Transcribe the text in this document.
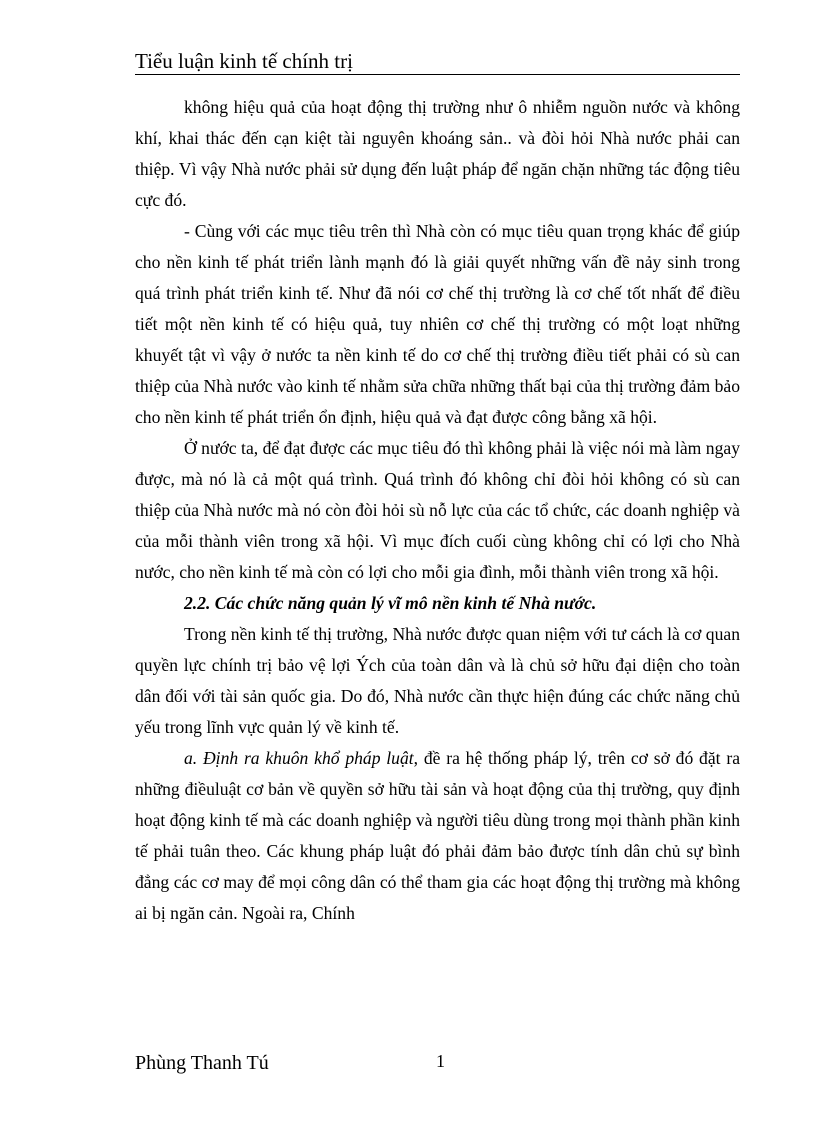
Tiểu luận kinh tế chính trị

không hiệu quả của hoạt động thị trường như ô nhiễm nguồn nước và không khí, khai thác đến cạn kiệt tài nguyên khoáng sản.. và đòi hỏi Nhà nước phải can thiệp. Vì vậy Nhà nước phải sử dụng đến luật pháp để ngăn chặn những tác động tiêu cực đó.

- Cùng với các mục tiêu trên thì Nhà còn có mục tiêu quan trọng khác để giúp cho nền kinh tế phát triển lành mạnh đó là giải quyết những vấn đề nảy sinh trong quá trình phát triển kinh tế. Như đã nói cơ chế thị trường là cơ chế tốt nhất để điều tiết một nền kinh tế có hiệu quả, tuy nhiên cơ chế thị trường có một loạt những khuyết tật vì vậy ở nước ta nền kinh tế do cơ chế thị trường điều tiết phải có sù can thiệp của Nhà nước vào kinh tế nhằm sửa chữa những thất bại của thị trường đảm bảo cho nền kinh tế phát triển ổn định, hiệu quả và đạt được công bằng xã hội.

Ở nước ta, để đạt được các mục tiêu đó thì không phải là việc nói mà làm ngay được, mà nó là cả một quá trình. Quá trình đó không chỉ đòi hỏi không có sù can thiệp của Nhà nước mà nó còn đòi hỏi sù nỗ lực của các tổ chức, các doanh nghiệp và của mỗi thành viên trong xã hội. Vì mục đích cuối cùng không chỉ có lợi cho Nhà nước, cho nền kinh tế mà còn có lợi cho mỗi gia đình, mỗi thành viên trong xã hội.

2.2. Các chức năng quản lý vĩ mô nền kinh tế Nhà nước.

Trong nền kinh tế thị trường, Nhà nước được quan niệm với tư cách là cơ quan quyền lực chính trị bảo vệ lợi Ých của toàn dân và là chủ sở hữu đại diện cho toàn dân đối với tài sản quốc gia. Do đó, Nhà nước cần thực hiện đúng các chức năng chủ yếu trong lĩnh vực quản lý về kinh tế.

a. Định ra khuôn khổ pháp luật, đề ra hệ thống pháp lý, trên cơ sở đó đặt ra những điềuluật cơ bản về quyền sở hữu tài sản và hoạt động của thị trường, quy định hoạt động kinh tế mà các doanh nghiệp và người tiêu dùng trong mọi thành phần kinh tế phải tuân theo. Các khung pháp luật đó phải đảm bảo được tính dân chủ sự bình đẳng các cơ may để mọi công dân có thể tham gia các hoạt động thị trường mà không ai bị ngăn cản. Ngoài ra, Chính

Phùng Thanh Tú	1
